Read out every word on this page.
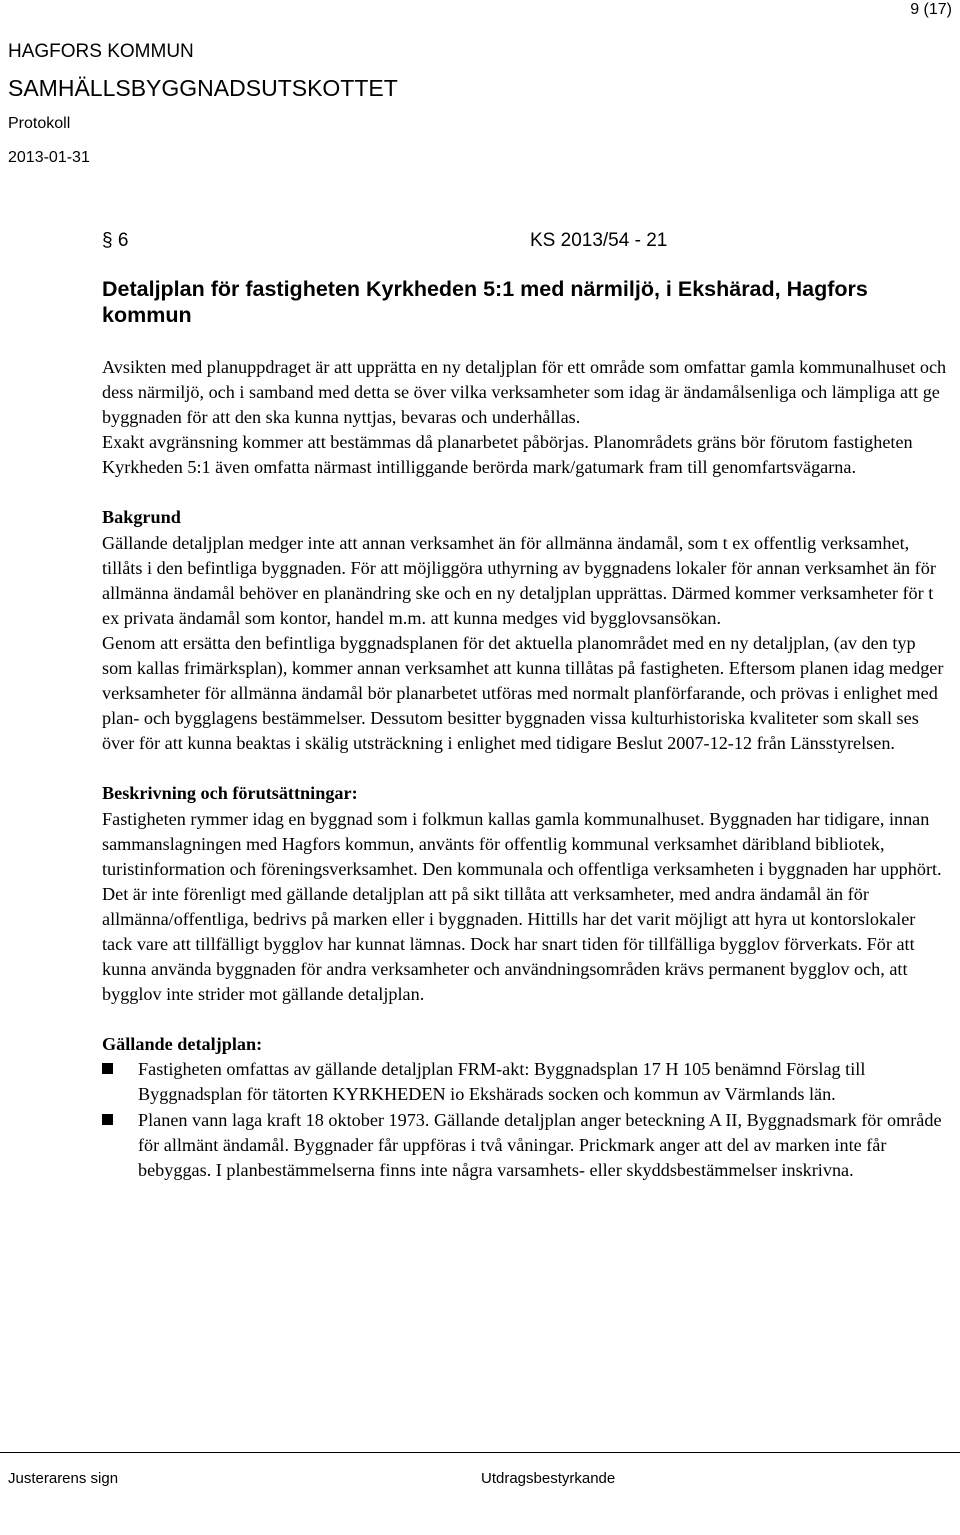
9 (17)
HAGFORS KOMMUN
SAMHÄLLSBYGGNADSUTSKOTTET
Protokoll
2013-01-31
§ 6	KS 2013/54 - 21
Detaljplan för fastigheten Kyrkheden 5:1 med närmiljö, i Ekshärad, Hagfors kommun

Avsikten med planuppdraget är att upprätta en ny detaljplan för ett område som omfattar gamla kommunalhuset och dess närmiljö, och i samband med detta se över vilka verksamheter som idag är ändamålsenliga och lämpliga att ge byggnaden för att den ska kunna nyttjas, bevaras och underhållas.

Exakt avgränsning kommer att bestämmas då planarbetet påbörjas. Planområdets gräns bör förutom fastigheten Kyrkheden 5:1 även omfatta närmast intilliggande berörda mark/gatumark fram till genomfartsvägarna.

Bakgrund

Gällande detaljplan medger inte att annan verksamhet än för allmänna ändamål, som t ex offentlig verksamhet, tillåts i den befintliga byggnaden. För att möjliggöra uthyrning av byggnadens lokaler för annan verksamhet än för allmänna ändamål behöver en planändring ske och en ny detaljplan upprättas. Därmed kommer verksamheter för t ex privata ändamål som kontor, handel m.m. att kunna medges vid bygglovsansökan.

Genom att ersätta den befintliga byggnadsplanen för det aktuella planområdet med en ny detaljplan, (av den typ som kallas frimärksplan), kommer annan verksamhet att kunna tillåtas på fastigheten. Eftersom planen idag medger verksamheter för allmänna ändamål bör planarbetet utföras med normalt planförfarande, och prövas i enlighet med plan- och bygglagens bestämmelser. Dessutom besitter byggnaden vissa kulturhistoriska kvaliteter som skall ses över för att kunna beaktas i skälig utsträckning i enlighet med tidigare Beslut 2007-12-12 från Länsstyrelsen.

Beskrivning och förutsättningar:

Fastigheten rymmer idag en byggnad som i folkmun kallas gamla kommunalhuset. Byggnaden har tidigare, innan sammanslagningen med Hagfors kommun, använts för offentlig kommunal verksamhet däribland bibliotek, turistinformation och föreningsverksamhet. Den kommunala och offentliga verksamheten i byggnaden har upphört.

Det är inte förenligt med gällande detaljplan att på sikt tillåta att verksamheter, med andra ändamål än för allmänna/offentliga, bedrivs på marken eller i byggnaden. Hittills har det varit möjligt att hyra ut kontorslokaler tack vare att tillfälligt bygglov har kunnat lämnas. Dock har snart tiden för tillfälliga bygglov förverkats. För att kunna använda byggnaden för andra verksamheter och användningsområden krävs permanent bygglov och, att bygglov inte strider mot gällande detaljplan.

Gällande detaljplan:
Fastigheten omfattas av gällande detaljplan FRM-akt: Byggnadsplan 17 H 105 benämnd Förslag till Byggnadsplan för tätorten KYRKHEDEN io Ekshärads socken och kommun av Värmlands län.
Planen vann laga kraft 18 oktober 1973. Gällande detaljplan anger beteckning A II, Byggnadsmark för område för allmänt ändamål. Byggnader får uppföras i två våningar. Prickmark anger att del av marken inte får bebyggas. I planbestämmelserna finns inte några varsamhets- eller skyddsbestämmelser inskrivna.
Justerarens sign	Utdragsbestyrkande
